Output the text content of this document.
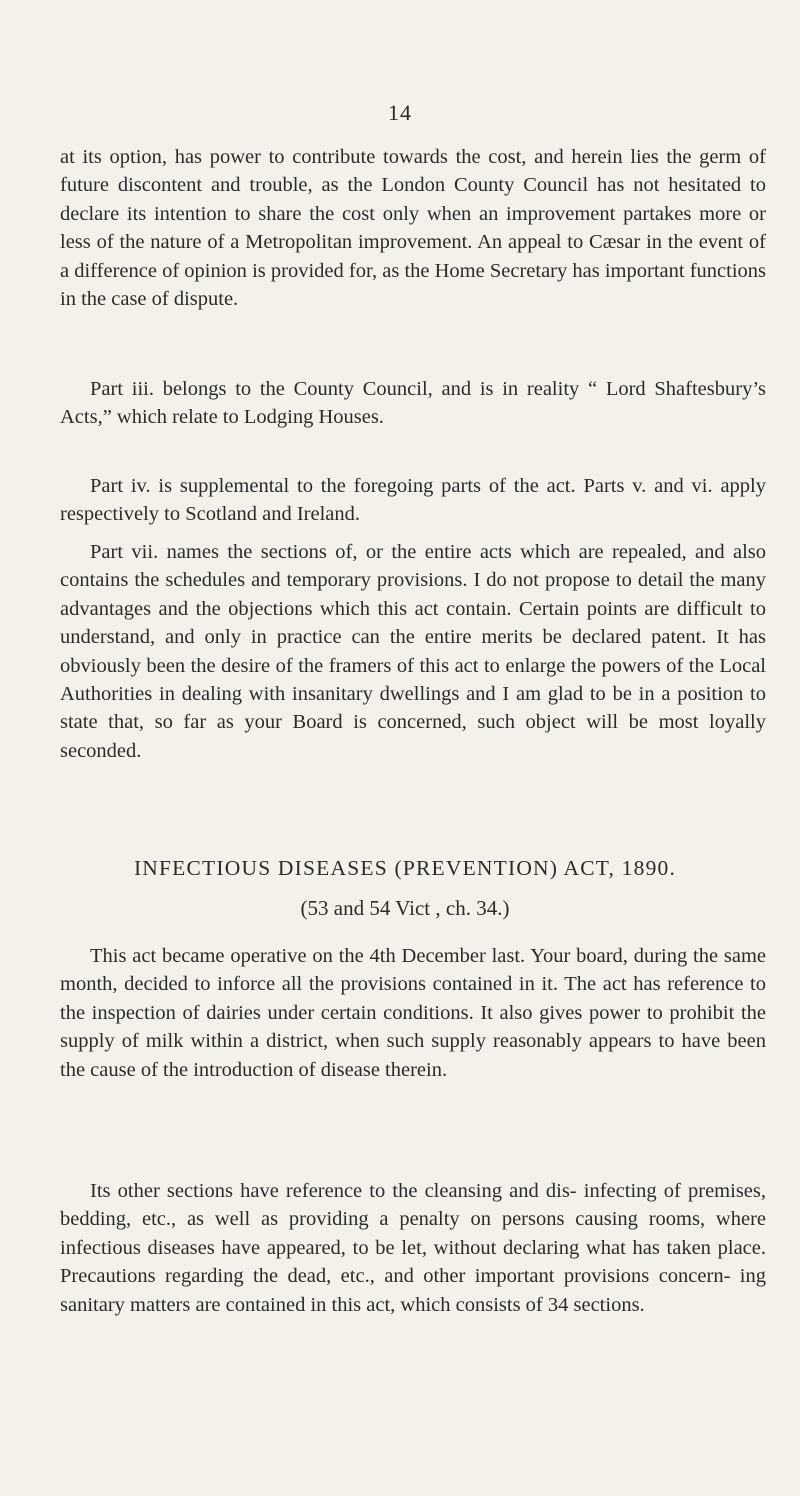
14

at its option, has power to contribute towards the cost, and herein lies the germ of future discontent and trouble, as the London County Council has not hesitated to declare its intention to share the cost only when an improvement partakes more or less of the nature of a Metropolitan improvement. An appeal to Cæsar in the event of a difference of opinion is provided for, as the Home Secretary has important functions in the case of dispute.

Part iii. belongs to the County Council, and is in reality “ Lord Shaftesbury’s Acts,” which relate to Lodging Houses.

Part iv. is supplemental to the foregoing parts of the act. Parts v. and vi. apply respectively to Scotland and Ireland.

Part vii. names the sections of, or the entire acts which are repealed, and also contains the schedules and temporary provisions. I do not propose to detail the many advantages and the objections which this act contain. Certain points are difficult to understand, and only in practice can the entire merits be declared patent. It has obviously been the desire of the framers of this act to enlarge the powers of the Local Authorities in dealing with insanitary dwellings and I am glad to be in a position to state that, so far as your Board is concerned, such object will be most loyally seconded.

INFECTIOUS DISEASES (PREVENTION) ACT, 1890.
(53 and 54 Vict , ch. 34.)

This act became operative on the 4th December last. Your board, during the same month, decided to inforce all the provisions contained in it. The act has reference to the inspection of dairies under certain conditions. It also gives power to prohibit the supply of milk within a district, when such supply reasonably appears to have been the cause of the introduction of disease therein.

Its other sections have reference to the cleansing and dis- infecting of premises, bedding, etc., as well as providing a penalty on persons causing rooms, where infectious diseases have appeared, to be let, without declaring what has taken place. Precautions regarding the dead, etc., and other important provisions concern- ing sanitary matters are contained in this act, which consists of 34 sections.
